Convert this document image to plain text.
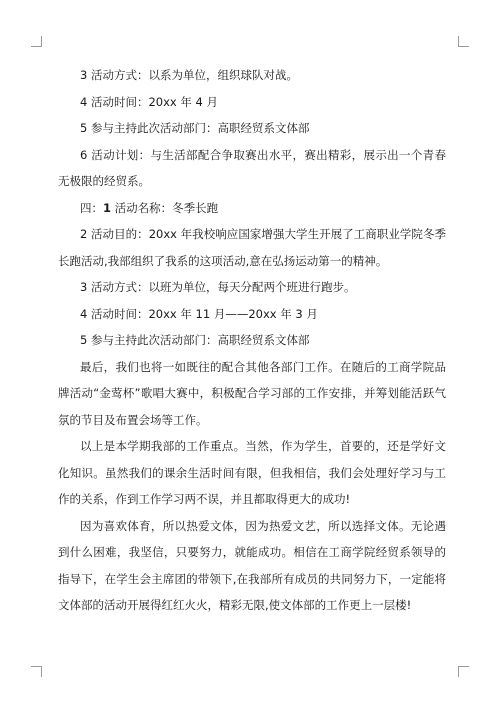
3 活动方式：以系为单位，组织球队对战。
4 活动时间：20xx 年 4 月
5 参与主持此次活动部门：高职经贸系文体部
6 活动计划：与生活部配合争取赛出水平，赛出精彩，展示出一个青春无极限的经贸系。
四：1 活动名称：冬季长跑
2 活动目的：20xx 年我校响应国家增强大学生开展了工商职业学院冬季长跑活动,我部组织了我系的这项活动,意在弘扬运动第一的精神。
3 活动方式：以班为单位，每天分配两个班进行跑步。
4 活动时间：20xx 年 11 月——20xx 年 3 月
5 参与主持此次活动部门：高职经贸系文体部
最后，我们也将一如既往的配合其他各部门工作。在随后的工商学院品牌活动“金莺杯”歌唱大赛中，积极配合学习部的工作安排，并筹划能活跃气氛的节目及布置会场等工作。
以上是本学期我部的工作重点。当然，作为学生，首要的，还是学好文化知识。虽然我们的课余生活时间有限，但我相信，我们会处理好学习与工作的关系，作到工作学习两不误，并且都取得更大的成功!
因为喜欢体育，所以热爱文体，因为热爱文艺，所以选择文体。无论遇到什么困难，我坚信，只要努力，就能成功。相信在工商学院经贸系领导的指导下，在学生会主席团的带领下,在我部所有成员的共同努力下，一定能将文体部的活动开展得红红火火，精彩无限,使文体部的工作更上一层楼!
